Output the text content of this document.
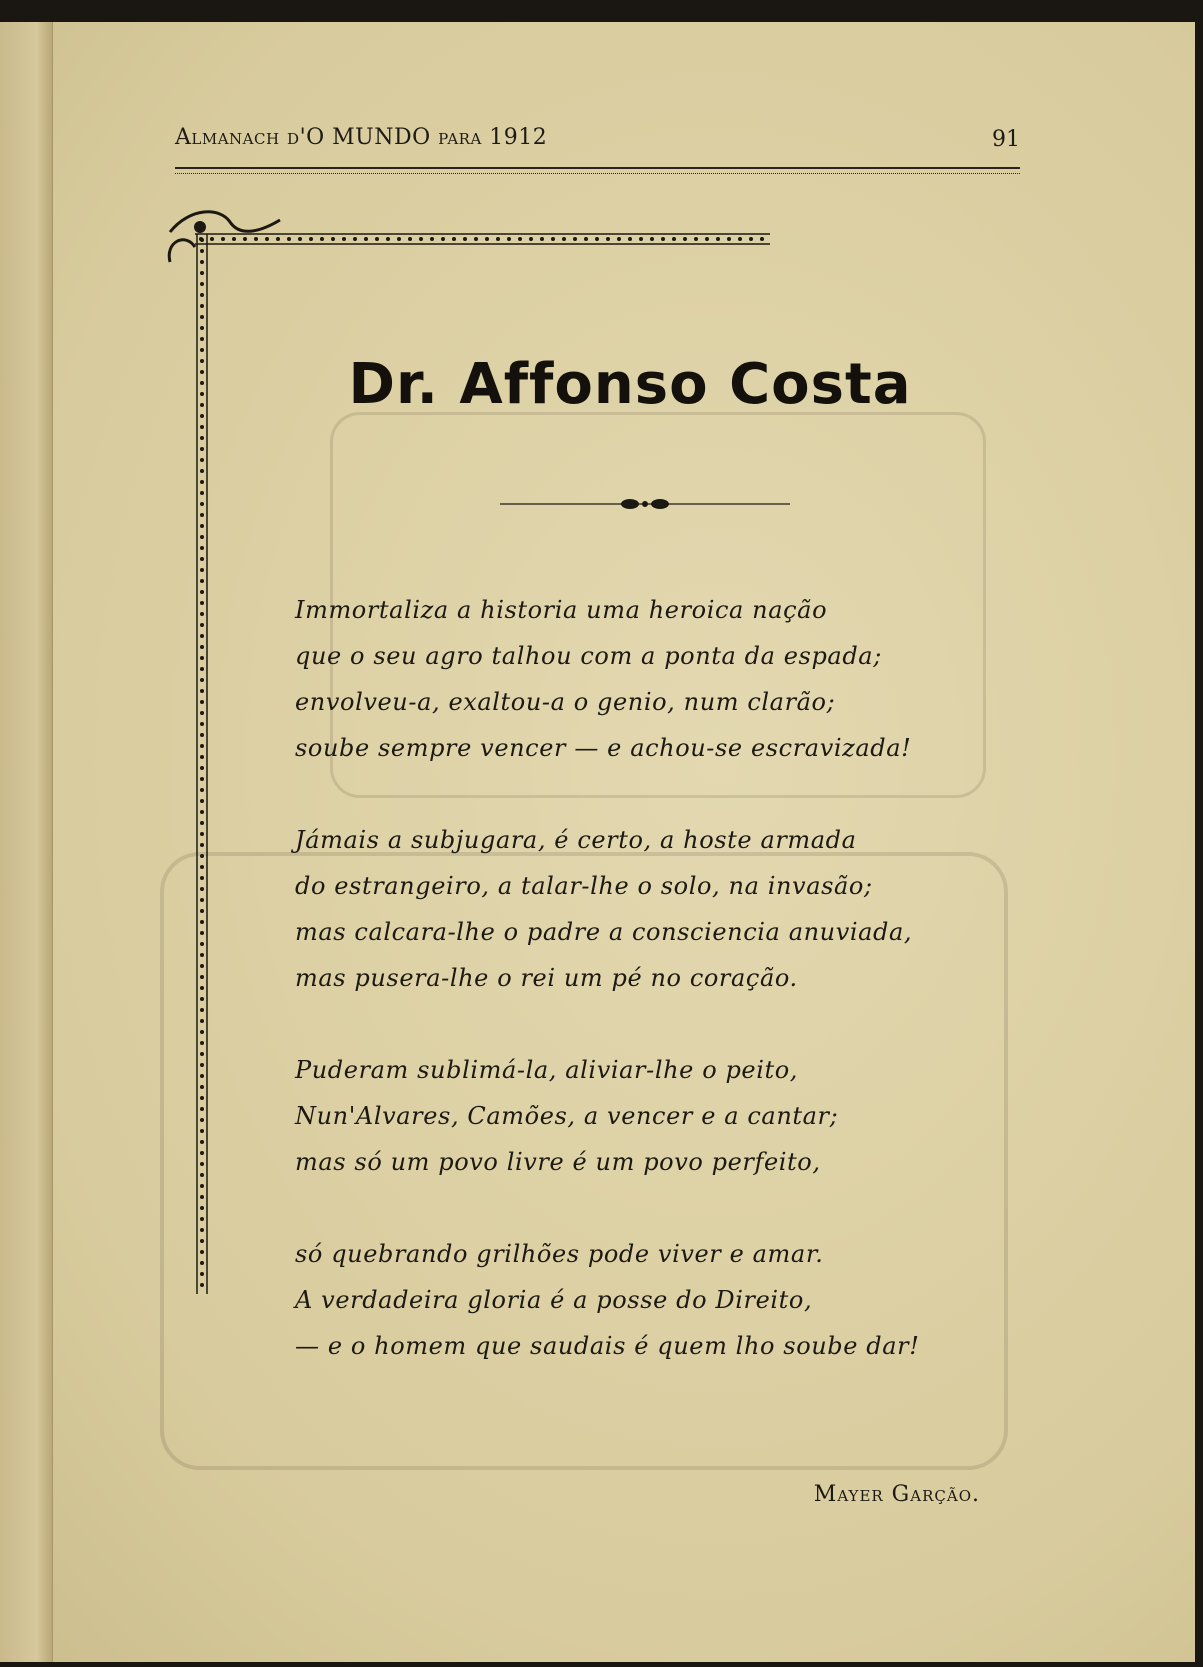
Almanach d'O MUNDO para 1912	91
Dr. Affonso Costa
Immortaliza a historia uma heroica nação
que o seu agro talhou com a ponta da espada;
envolveu-a, exaltou-a o genio, num clarão;
soube sempre vencer — e achou-se escravizada!
Jámais a subjugara, é certo, a hoste armada
do estrangeiro, a talar-lhe o solo, na invasão;
mas calcara-lhe o padre a consciencia anuviada,
mas pusera-lhe o rei um pé no coração.
Puderam sublimá-la, aliviar-lhe o peito,
Nun'Alvares, Camões, a vencer e a cantar;
mas só um povo livre é um povo perfeito,
só quebrando grilhões pode viver e amar.
A verdadeira gloria é a posse do Direito,
— e o homem que saudais é quem lho soube dar!
Mayer Garção.
